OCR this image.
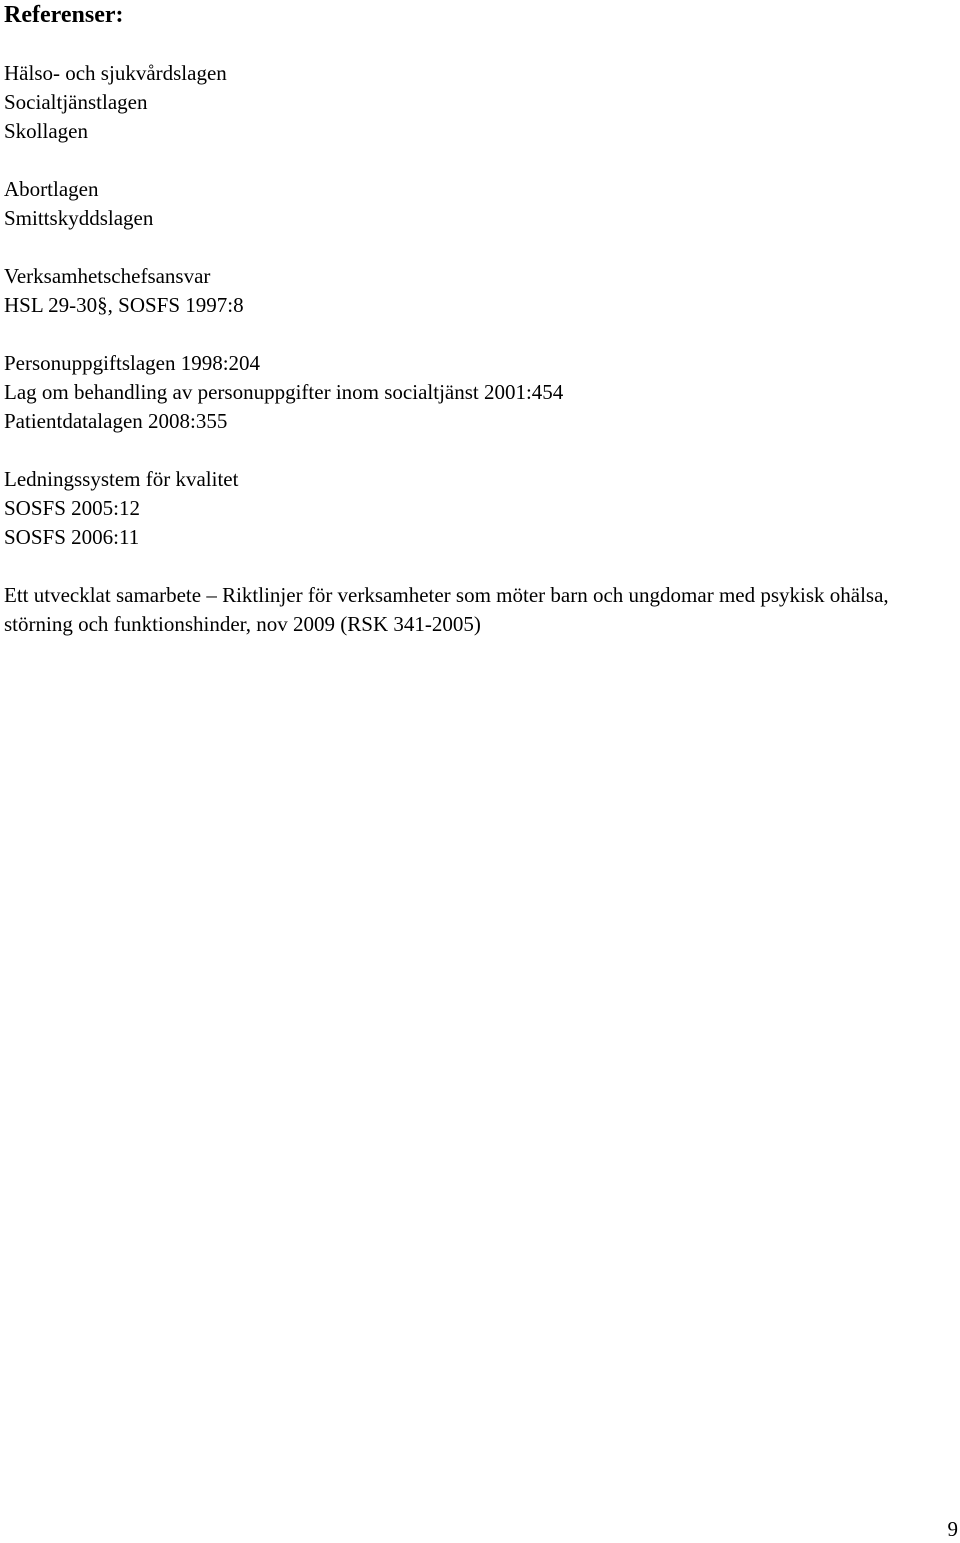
Referenser:
Hälso- och sjukvårdslagen
Socialtjänstlagen
Skollagen
Abortlagen
Smittskyddslagen
Verksamhetschefsansvar
HSL 29-30§, SOSFS 1997:8
Personuppgiftslagen 1998:204
Lag om behandling av personuppgifter inom socialtjänst 2001:454
Patientdatalagen 2008:355
Ledningssystem för kvalitet
SOSFS 2005:12
SOSFS 2006:11
Ett utvecklat samarbete – Riktlinjer för verksamheter som möter barn och ungdomar med psykisk ohälsa, störning och funktionshinder, nov 2009 (RSK 341-2005)
9
